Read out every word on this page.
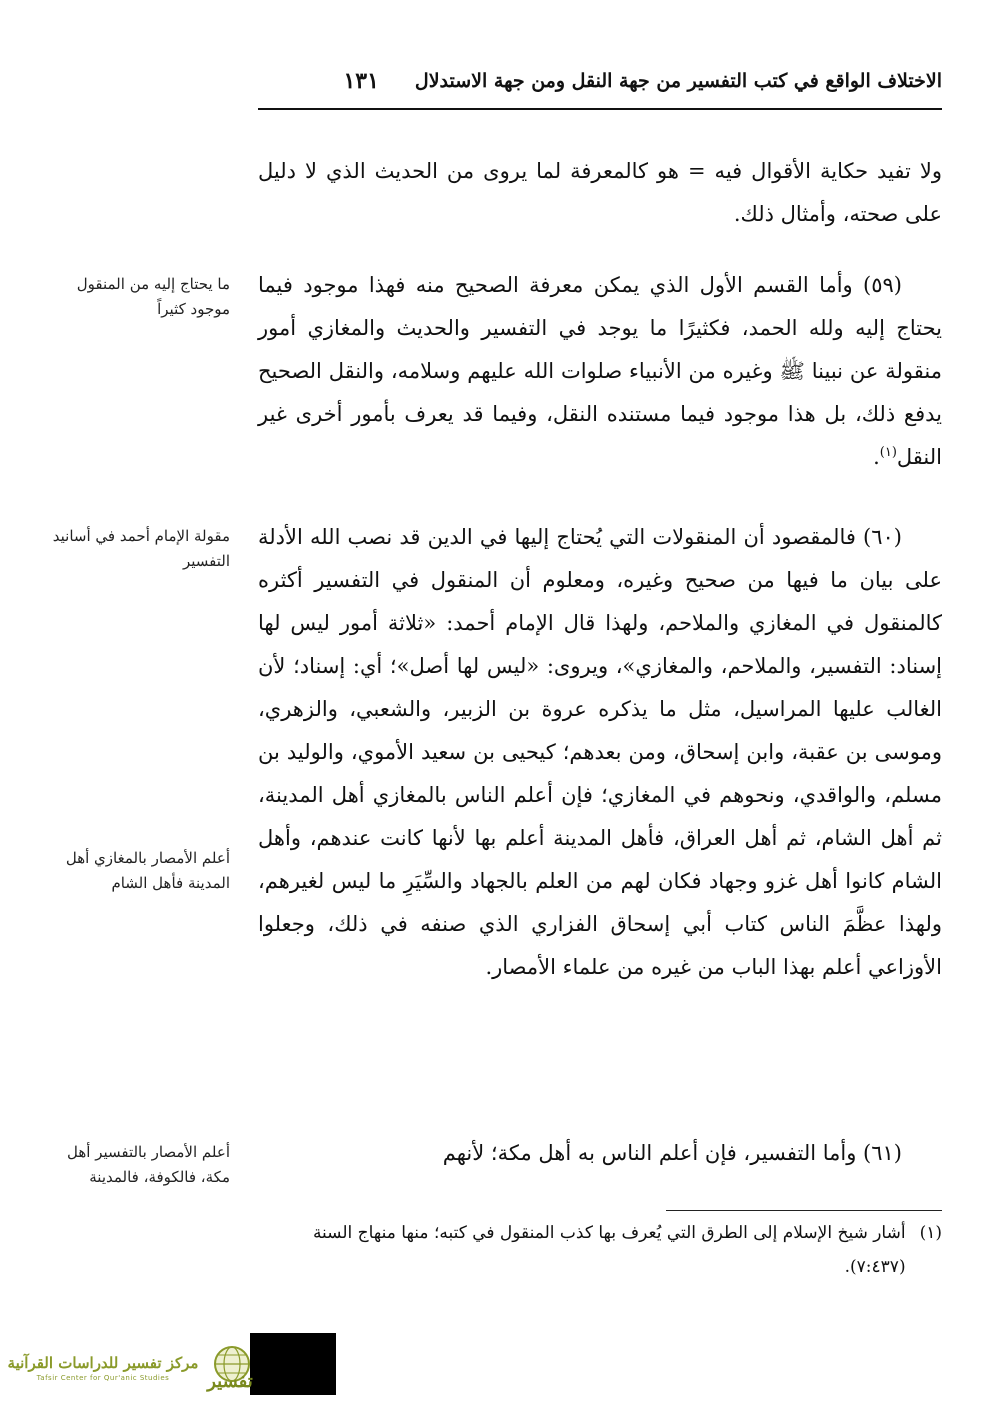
الاختلاف الواقع في كتب التفسير من جهة النقل ومن جهة الاستدلال
١٣١

ولا تفيد حكاية الأقوال فيه = هو كالمعرفة لما يروى من الحديث الذي لا دليل على صحته، وأمثال ذلك.

(٥٩) وأما القسم الأول الذي يمكن معرفة الصحيح منه فهذا موجود فيما يحتاج إليه ولله الحمد، فكثيرًا ما يوجد في التفسير والحديث والمغازي أمور منقولة عن نبينا ﷺ وغيره من الأنبياء صلوات الله عليهم وسلامه، والنقل الصحيح يدفع ذلك، بل هذا موجود فيما مستنده النقل، وفيما قد يعرف بأمور أخرى غير النقل$^{(١)}$.

(٦٠) فالمقصود أن المنقولات التي يُحتاج إليها في الدين قد نصب الله الأدلة على بيان ما فيها من صحيح وغيره، ومعلوم أن المنقول في التفسير أكثره كالمنقول في المغازي والملاحم، ولهذا قال الإمام أحمد: «ثلاثة أمور ليس لها إسناد: التفسير، والملاحم، والمغازي»، ويروى: «ليس لها أصل»؛ أي: إسناد؛ لأن الغالب عليها المراسيل، مثل ما يذكره عروة بن الزبير، والشعبي، والزهري، وموسى بن عقبة، وابن إسحاق، ومن بعدهم؛ كيحيى بن سعيد الأموي، والوليد بن مسلم، والواقدي، ونحوهم في المغازي؛ فإن أعلم الناس بالمغازي أهل المدينة، ثم أهل الشام، ثم أهل العراق، فأهل المدينة أعلم بها لأنها كانت عندهم، وأهل الشام كانوا أهل غزو وجهاد فكان لهم من العلم بالجهاد والسِّيَرِ ما ليس لغيرهم، ولهذا عظَّمَ الناس كتاب أبي إسحاق الفزاري الذي صنفه في ذلك، وجعلوا الأوزاعي أعلم بهذا الباب من غيره من علماء الأمصار.

(٦١) وأما التفسير، فإن أعلم الناس به أهل مكة؛ لأنهم

ما يحتاج إليه من المنقول موجود كثيراً
مقولة الإمام أحمد في أسانيد التفسير
أعلم الأمصار بالمغازي أهل المدينة فأهل الشام
أعلم الأمصار بالتفسير أهل مكة، فالكوفة، فالمدينة
(١)
أشار شيخ الإسلام إلى الطرق التي يُعرف بها كذب المنقول في كتبه؛ منها منهاج السنة (٧:٤٣٧).
مركز تفسير للدراسات القرآنية
Tafsir Center for Qur'anic Studies تفسير
